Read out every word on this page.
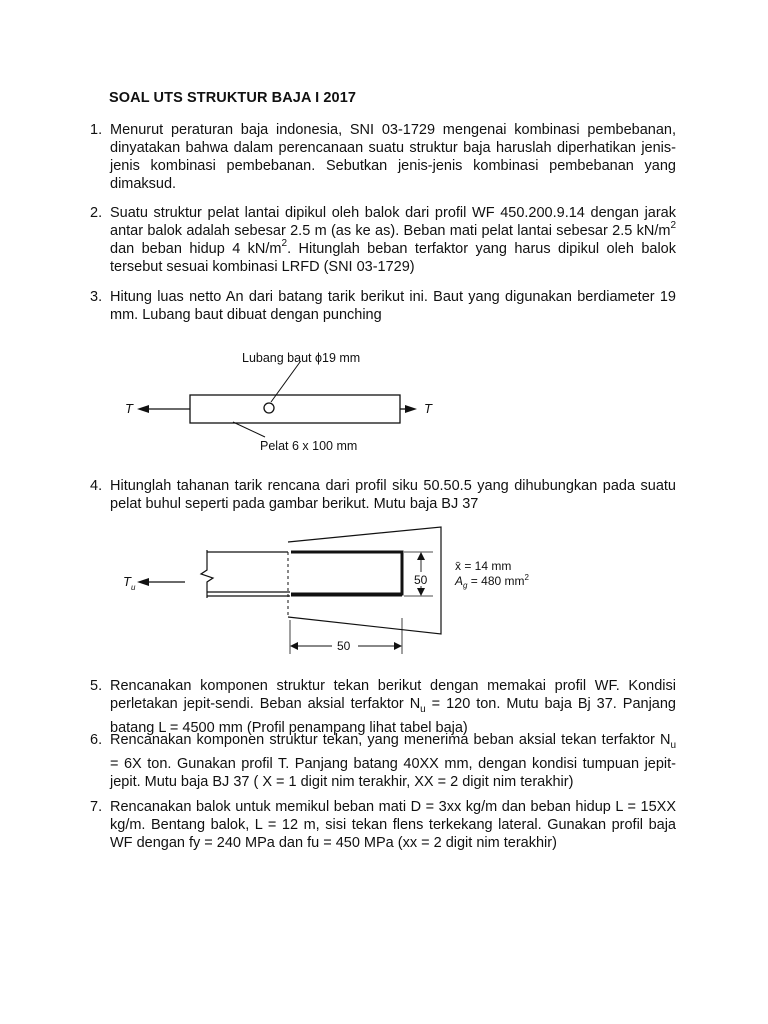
SOAL UTS STRUKTUR BAJA I 2017
1. Menurut peraturan baja indonesia, SNI 03-1729 mengenai kombinasi pembebanan, dinyatakan bahwa dalam perencanaan suatu struktur baja haruslah diperhatikan jenis-jenis kombinasi pembebanan. Sebutkan jenis-jenis kombinasi pembebanan yang dimaksud.

2. Suatu struktur pelat lantai dipikul oleh balok dari profil WF 450.200.9.14 dengan jarak antar balok adalah sebesar 2.5 m (as ke as). Beban mati pelat lantai sebesar 2.5 $kN/m^2$ dan beban hidup 4 $kN/m^2$. Hitunglah beban terfaktor yang harus dipikul oleh balok tersebut sesuai kombinasi LRFD (SNI 03-1729)

3. Hitung luas netto An dari batang tarik berikut ini. Baut yang digunakan berdiameter 19 mm. Lubang baut dibuat dengan punching

T	T
Lubang baut ϕ19 mm
Pelat 6 x 100 mm
4. Hitunglah tahanan tarik rencana dari profil siku 50.50.5 yang dihubungkan pada suatu pelat buhul seperti pada gambar berikut. Mutu baja BJ 37

50
50
$T_u$
x̄ = 14 mm
$A_g = 480$ $mm^2$
5. Rencanakan komponen struktur tekan berikut dengan memakai profil WF. Kondisi perletakan jepit-sendi. Beban aksial terfaktor $N_u = 120$ ton. Mutu baja Bj 37. Panjang batang L = 4500 mm (Profil penampang lihat tabel baja)

6. Rencanakan komponen struktur tekan, yang menerima beban aksial tekan terfaktor $N_u = 6X$ ton. Gunakan profil T. Panjang batang 40XX mm, dengan kondisi tumpuan jepit-jepit. Mutu baja BJ 37 ( X = 1 digit nim terakhir, XX = 2 digit nim terakhir)

7. Rencanakan balok untuk memikul beban mati D = 3xx kg/m dan beban hidup L = 15XX kg/m. Bentang balok, L = 12 m, sisi tekan flens terkekang lateral. Gunakan profil baja WF dengan fy = 240 MPa dan fu = 450 MPa (xx = 2 digit nim terakhir)
